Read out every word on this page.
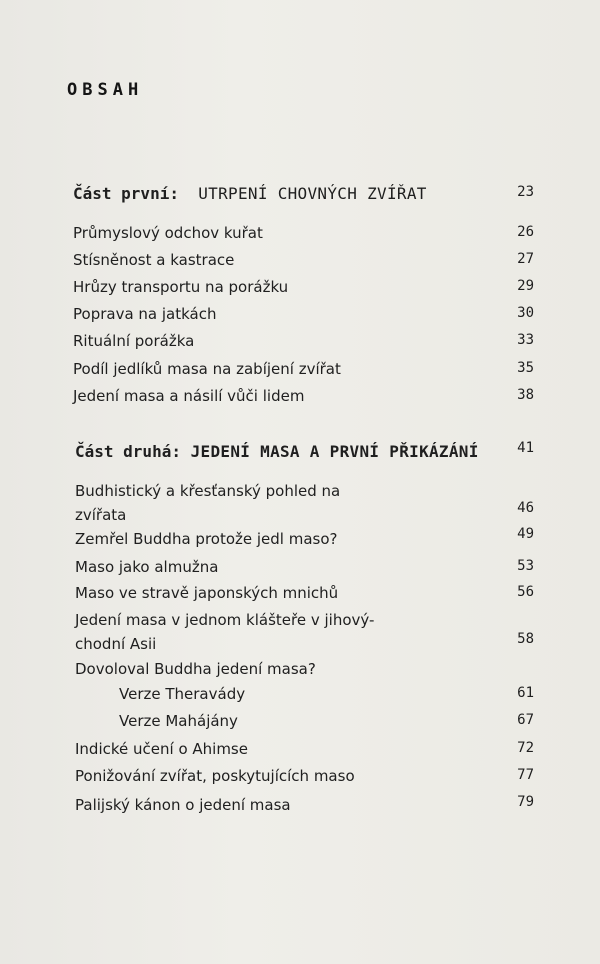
OBSAH
Část první: UTRPENÍ CHOVNÝCH ZVÍŘAT	23
Průmyslový odchov kuřat	26
Stísněnost a kastrace	27
Hrůzy transportu na porážku	29
Poprava na jatkách	30
Rituální porážka	33
Podíl jedlíků masa na zabíjení zvířat	35
Jedení masa a násilí vůči lidem	38
Část druhá: JEDENÍ MASA A PRVNÍ PŘIKÁZÁNÍ	41
Budhistický a křesťanský pohled na
zvířata	46
Zemřel Buddha protože jedl maso?	49
Maso jako almužna	53
Maso ve stravě japonských mnichů	56
Jedení masa v jednom klášteře v jihový-
chodní Asii	58
Dovoloval Buddha jedení masa?
Verze Theravády	61
Verze Mahájány	67
Indické učení o Ahimse	72
Ponižování zvířat, poskytujících maso	77
Palijský kánon o jedení masa	79
